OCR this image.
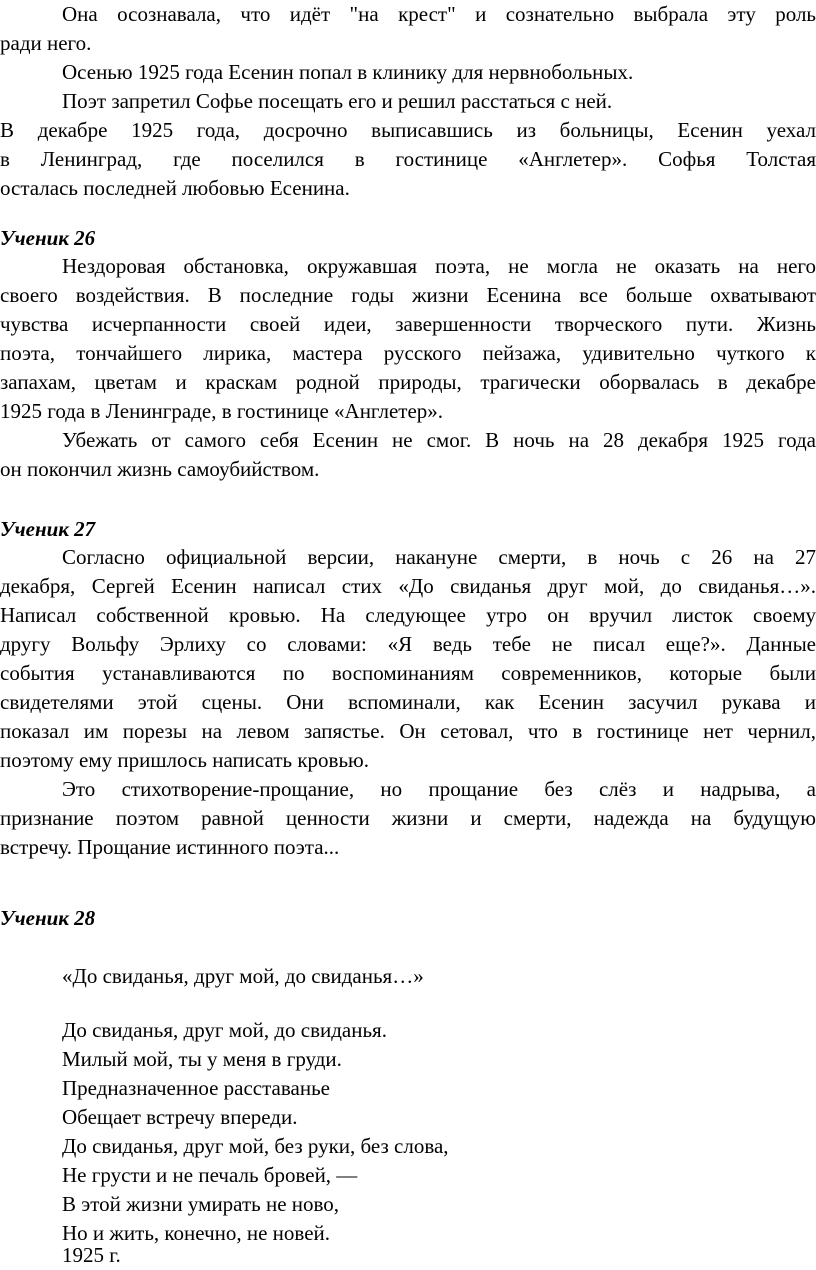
Она осознавала, что идёт "на крест" и сознательно выбрала эту роль
ради него.
Осенью 1925 года Есенин попал в клинику для нервнобольных.
Поэт запретил Софье посещать его и решил расстаться с ней.
В декабре 1925 года, досрочно выписавшись из больницы, Есенин уехал
в Ленинград, где поселился в гостинице «Англетер». Софья Толстая
осталась последней любовью Есенина.
Ученик 26
Нездоровая обстановка, окружавшая поэта, не могла не оказать на него
своего воздействия. В последние годы жизни Есенина все больше охватывают
чувства исчерпанности своей идеи, завершенности творческого пути. Жизнь
поэта, тончайшего лирика, мастера русского пейзажа, удивительно чуткого к
запахам, цветам и краскам родной природы, трагически оборвалась в декабре
1925 года в Ленинграде, в гостинице «Англетер».
Убежать от самого себя Есенин не смог. В ночь на 28 декабря 1925 года
он покончил жизнь самоубийством.
Ученик 27
Согласно официальной версии, накануне смерти, в ночь с 26 на 27
декабря, Сергей Есенин написал стих «До свиданья друг мой, до свиданья…».
Написал собственной кровью. На следующее утро он вручил листок своему
другу Вольфу Эрлиху со словами: «Я ведь тебе не писал еще?». Данные
события устанавливаются по воспоминаниям современников, которые были
свидетелями этой сцены. Они вспоминали, как Есенин засучил рукава и
показал им порезы на левом запястье. Он сетовал, что в гостинице нет чернил,
поэтому ему пришлось написать кровью.
Это стихотворение-прощание, но прощание без слёз и надрыва, а
признание поэтом равной ценности жизни и смерти, надежда на будущую
встречу. Прощание истинного поэта...
Ученик 28
«До свиданья, друг мой, до свиданья…»
До свиданья, друг мой, до свиданья.
Милый мой, ты у меня в груди.
Предназначенное расставанье
Обещает встречу впереди.
До свиданья, друг мой, без руки, без слова,
Не грусти и не печаль бровей, —
В этой жизни умирать не ново,
Но и жить, конечно, не новей.
1925 г.
